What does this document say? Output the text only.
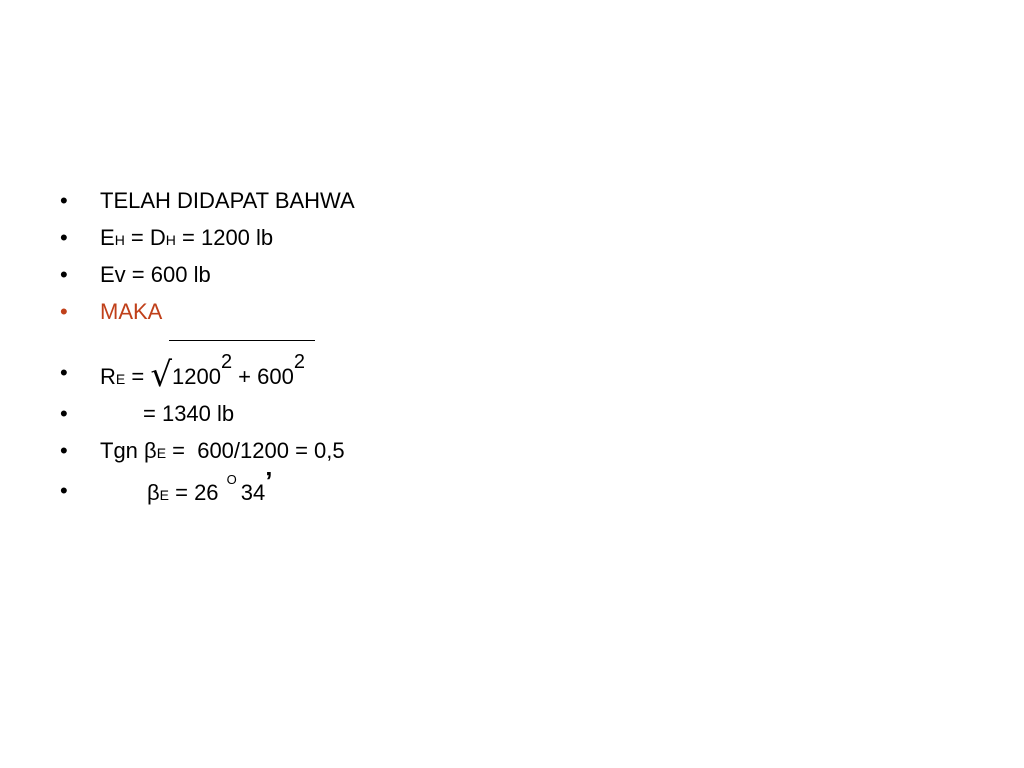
•	TELAH DIDAPAT BAHWA
•	EH = DH = 1200 lb
•	Ev = 600 lb
•	MAKA
•	RE = √
12002 + 6002
•	= 1340 lb
•	Tgn βE =  600/1200 = 0,5
•	βE = 26 $^O$34’
